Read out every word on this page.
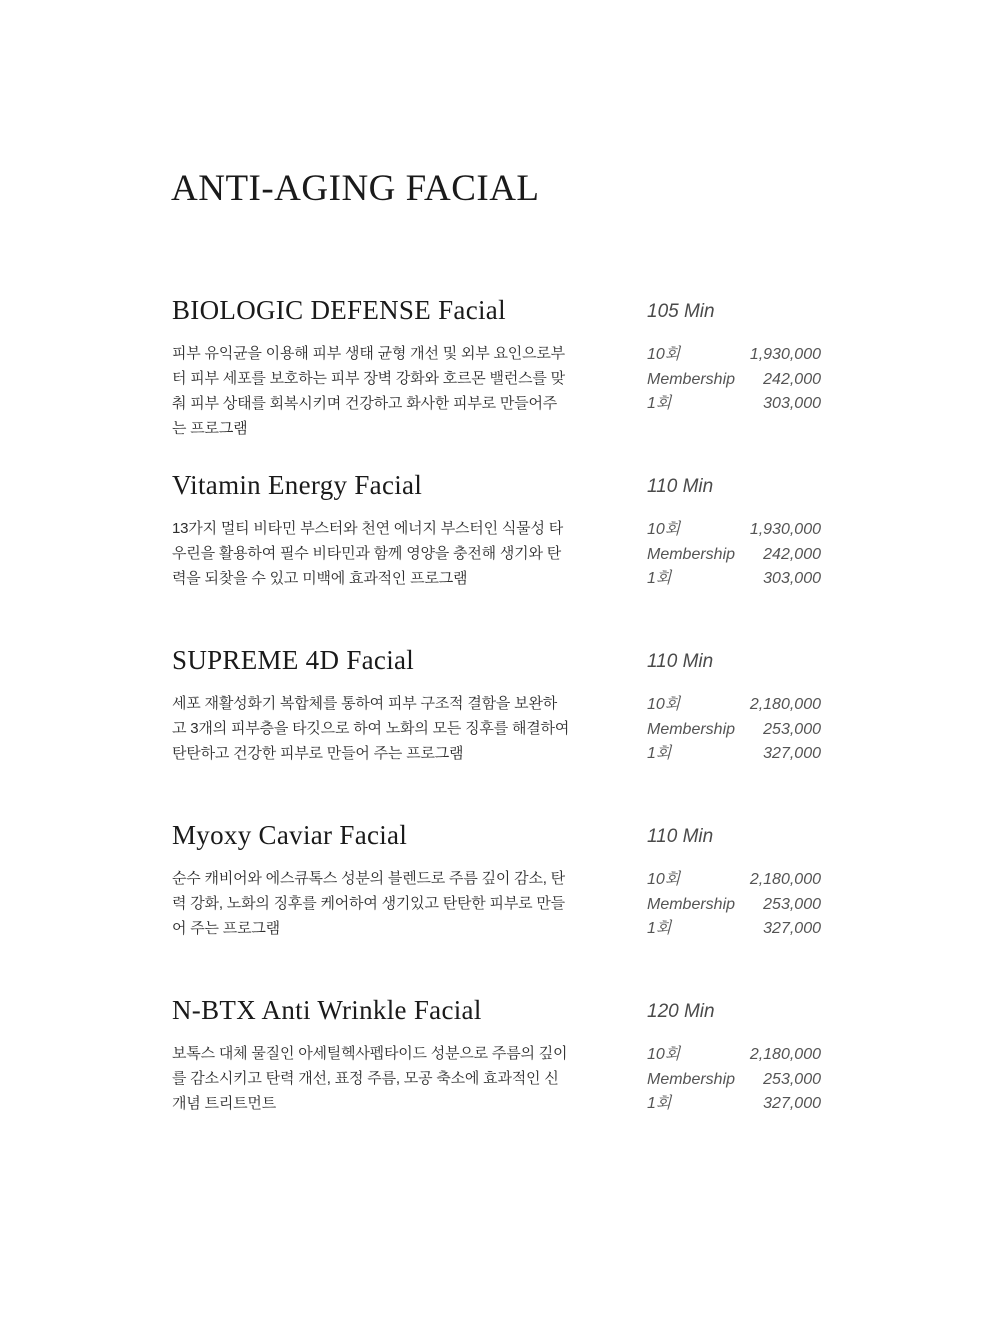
ANTI-AGING FACIAL
BIOLOGIC DEFENSE Facial

피부 유익균을 이용해 피부 생태 균형 개선 및 외부 요인으로부터 피부 세포를 보호하는 피부 장벽 강화와 호르몬 밸런스를 맞춰 피부 상태를 회복시키며 건강하고 화사한 피부로 만들어주는 프로그램

105 Min
10회	1,930,000
Membership 242,000
1회	303,000
Vitamin Energy Facial

13가지 멀티 비타민 부스터와 천연 에너지 부스터인 식물성 타우린을 활용하여 필수 비타민과 함께 영양을 충전해 생기와 탄력을 되찾을 수 있고 미백에 효과적인 프로그램

110 Min
10회	1,930,000
Membership 242,000
1회	303,000
SUPREME 4D Facial

세포 재활성화기 복합체를 통하여 피부 구조적 결함을 보완하고 3개의 피부층을 타깃으로 하여 노화의 모든 징후를 해결하여 탄탄하고 건강한 피부로 만들어 주는 프로그램

110 Min
10회	2,180,000
Membership 253,000
1회	327,000
Myoxy Caviar Facial

순수 캐비어와 에스큐톡스 성분의 블렌드로 주름 깊이 감소, 탄력 강화, 노화의 징후를 케어하여 생기있고 탄탄한 피부로 만들어 주는 프로그램

110 Min
10회	2,180,000
Membership 253,000
1회	327,000
N-BTX Anti Wrinkle Facial

보톡스 대체 물질인 아세틸헥사펩타이드 성분으로 주름의 깊이를 감소시키고 탄력 개선, 표정 주름, 모공 축소에 효과적인 신개념 트리트먼트

120 Min
10회	2,180,000
Membership 253,000
1회	327,000
